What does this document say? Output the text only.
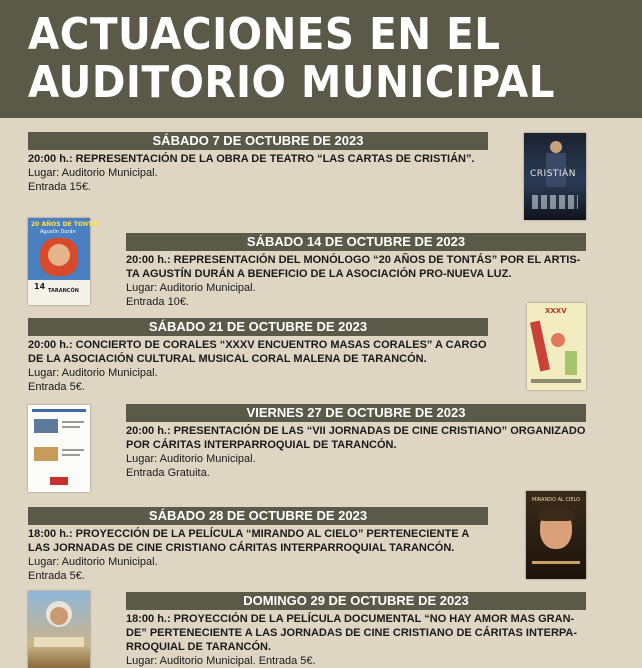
ACTUACIONES EN EL
AUDITORIO MUNICIPAL
SÁBADO 7 DE OCTUBRE DE 2023
20:00 h.: REPRESENTACIÓN DE LA OBRA DE TEATRO “LAS CARTAS DE CRISTIÁN”.
Lugar: Auditorio Municipal.
Entrada 15€.
CRISTIÁN
SÁBADO 14 DE OCTUBRE DE 2023
20:00 h.: REPRESENTACIÓN DEL MONÓLOGO “20 AÑOS DE TONTÁS” POR EL ARTIS-
TA AGUSTÍN DURÁN A BENEFICIO DE LA ASOCIACIÓN PRO-NUEVA LUZ.
Lugar: Auditorio Municipal.
Entrada 10€.
20 AÑOS DE TONTÁS
Agustín Durán
14 TARANCÓN
SÁBADO 21 DE OCTUBRE DE 2023
20:00 h.: CONCIERTO DE CORALES “XXXV ENCUENTRO MASAS CORALES” A CARGO
DE LA ASOCIACIÓN CULTURAL MUSICAL CORAL MALENA DE TARANCÓN.
Lugar: Auditorio Municipal.
Entrada 5€.
XXXV
VIERNES 27 DE OCTUBRE DE 2023
20:00 h.: PRESENTACIÓN DE LAS “VII JORNADAS DE CINE CRISTIANO” ORGANIZADO
POR CÁRITAS INTERPARROQUIAL DE TARANCÓN.
Lugar: Auditorio Municipal.
Entrada Gratuita.
SÁBADO 28 DE OCTUBRE DE 2023
18:00 h.: PROYECCIÓN DE LA PELÍCULA “MIRANDO AL CIELO” PERTENECIENTE A
LAS JORNADAS DE CINE CRISTIANO CÁRITAS INTERPARROQUIAL TARANCÓN.
Lugar: Auditorio Municipal.
Entrada 5€.
MIRANDO AL CIELO
DOMINGO 29 DE OCTUBRE DE 2023
18:00 h.: PROYECCIÓN DE LA PELÍCULA DOCUMENTAL “NO HAY AMOR MAS GRAN-
DE” PERTENECIENTE A LAS JORNADAS DE CINE CRISTIANO DE CÁRITAS INTERPA-
RROQUIAL DE TARANCÓN.
Lugar: Auditorio Municipal. Entrada 5€.
